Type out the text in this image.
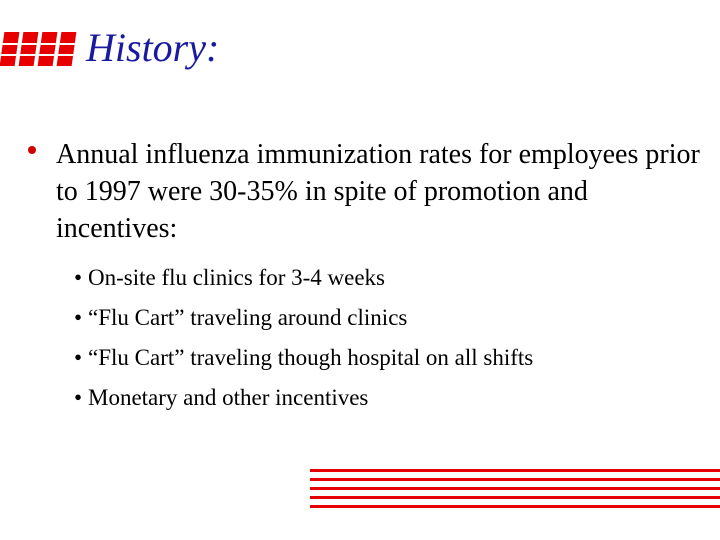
History:
Annual influenza immunization rates for employees prior to 1997 were 30-35% in spite of promotion and incentives:
• On-site flu clinics for 3-4 weeks
• “Flu Cart” traveling around clinics
• “Flu Cart” traveling though hospital on all shifts
• Monetary and other incentives
